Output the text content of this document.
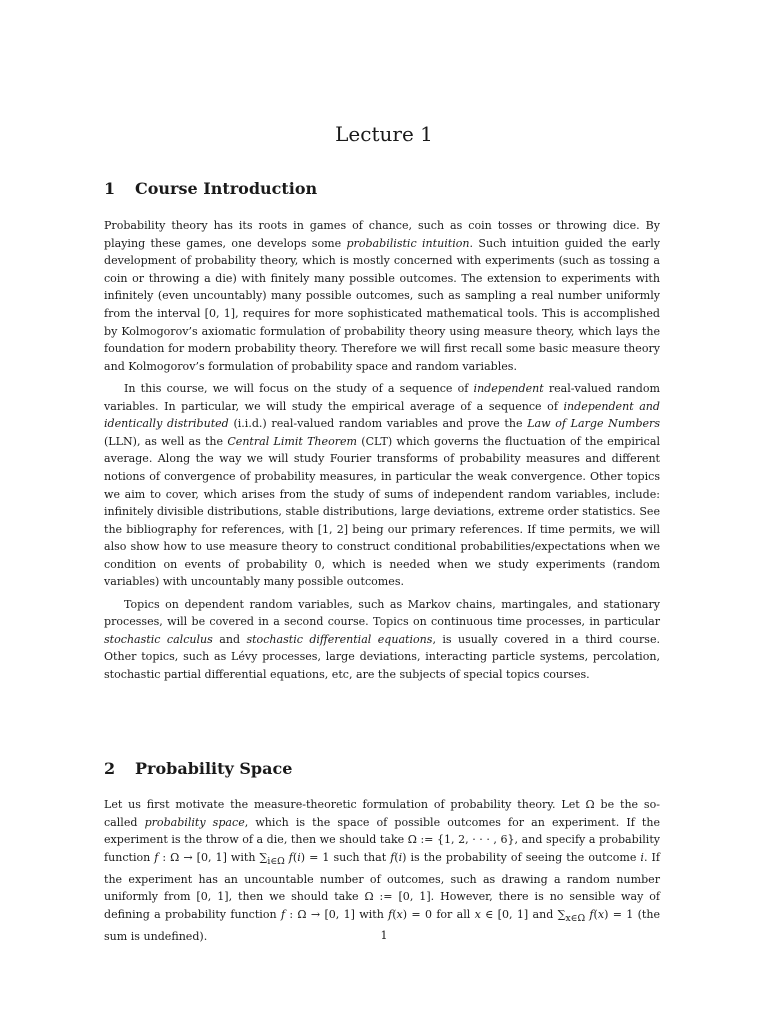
Lecture 1
1 Course Introduction

Probability theory has its roots in games of chance, such as coin tosses or throwing dice. By playing these games, one develops some probabilistic intuition. Such intuition guided the early development of probability theory, which is mostly concerned with experiments (such as tossing a coin or throwing a die) with finitely many possible outcomes. The extension to experiments with infinitely (even uncountably) many possible outcomes, such as sampling a real number uniformly from the interval [0, 1], requires for more sophisticated mathematical tools. This is accomplished by Kolmogorov’s axiomatic formulation of probability theory using measure theory, which lays the foundation for modern probability theory. Therefore we will first recall some basic measure theory and Kolmogorov’s formulation of probability space and random variables.

In this course, we will focus on the study of a sequence of independent real-valued random variables. In particular, we will study the empirical average of a sequence of independent and identically distributed (i.i.d.) real-valued random variables and prove the Law of Large Numbers (LLN), as well as the Central Limit Theorem (CLT) which governs the fluctuation of the empirical average. Along the way we will study Fourier transforms of probability measures and different notions of convergence of probability measures, in particular the weak convergence. Other topics we aim to cover, which arises from the study of sums of independent random variables, include: infinitely divisible distributions, stable distributions, large deviations, extreme order statistics. See the bibliography for references, with [1, 2] being our primary references. If time permits, we will also show how to use measure theory to construct conditional probabilities/expectations when we condition on events of probability 0, which is needed when we study experiments (random variables) with uncountably many possible outcomes.

Topics on dependent random variables, such as Markov chains, martingales, and stationary processes, will be covered in a second course. Topics on continuous time processes, in particular stochastic calculus and stochastic differential equations, is usually covered in a third course. Other topics, such as Lévy processes, large deviations, interacting particle systems, percolation, stochastic partial differential equations, etc, are the subjects of special topics courses.

2 Probability Space

Let us first motivate the measure-theoretic formulation of probability theory. Let Ω be the so-called probability space, which is the space of possible outcomes for an experiment. If the experiment is the throw of a die, then we should take Ω := {1, 2, · · · , 6}, and specify a probability function f : Ω → [0, 1] with $\sum_{i\in\Omega}$ f(i) = 1 such that f(i) is the probability of seeing the outcome i. If the experiment has an uncountable number of outcomes, such as drawing a random number uniformly from [0, 1], then we should take Ω := [0, 1]. However, there is no sensible way of defining a probability function f : Ω → [0, 1] with f(x) = 0 for all x ∈ [0, 1] and $\sum_{x\in\Omega}$ f(x) = 1 (the sum is undefined).	1
